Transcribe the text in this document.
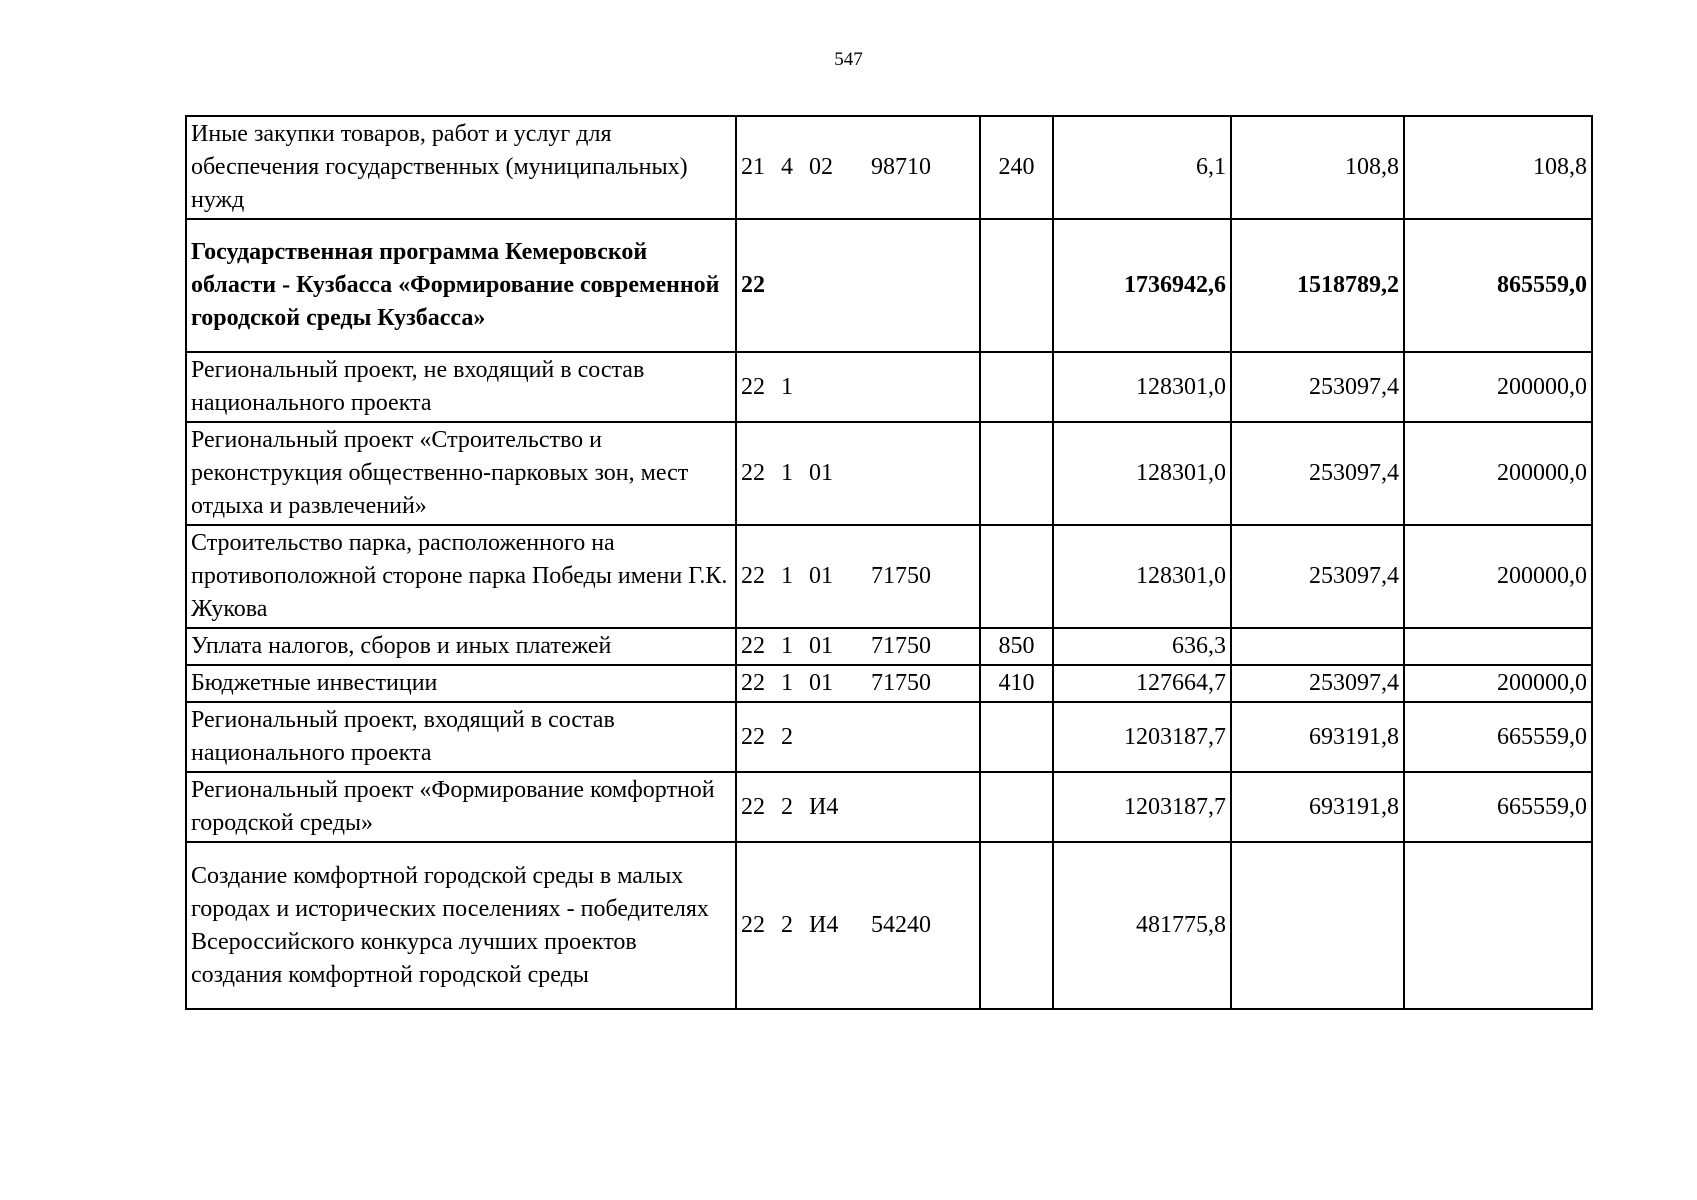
547
Иные закупки товаров, работ и услуг для обеспечения государственных (муниципальных) нужд	21 4 02 98710	240	6,1	108,8	108,8
Государственная программа Кемеровской области - Кузбасса «Формирование современной городской среды Кузбасса»	22		1736942,6	1518789,2	865559,0
Региональный проект, не входящий в состав национального проекта	22 1		128301,0	253097,4	200000,0
Региональный проект «Строительство и реконструкция общественно-парковых зон, мест отдыха и развлечений»	22 1 01		128301,0	253097,4	200000,0
Строительство парка, расположенного на противоположной стороне парка Победы имени Г.К. Жукова	22 1 01 71750		128301,0	253097,4	200000,0
Уплата налогов, сборов и иных платежей	22 1 01 71750	850	636,3		
Бюджетные инвестиции	22 1 01 71750	410	127664,7	253097,4	200000,0
Региональный проект, входящий в состав национального проекта	22 2		1203187,7	693191,8	665559,0
Региональный проект «Формирование комфортной городской среды»	22 2 И4		1203187,7	693191,8	665559,0
Создание комфортной городской среды в малых городах и исторических поселениях - победителях Всероссийского конкурса лучших проектов создания комфортной городской среды	22 2 И4 54240		481775,8		
